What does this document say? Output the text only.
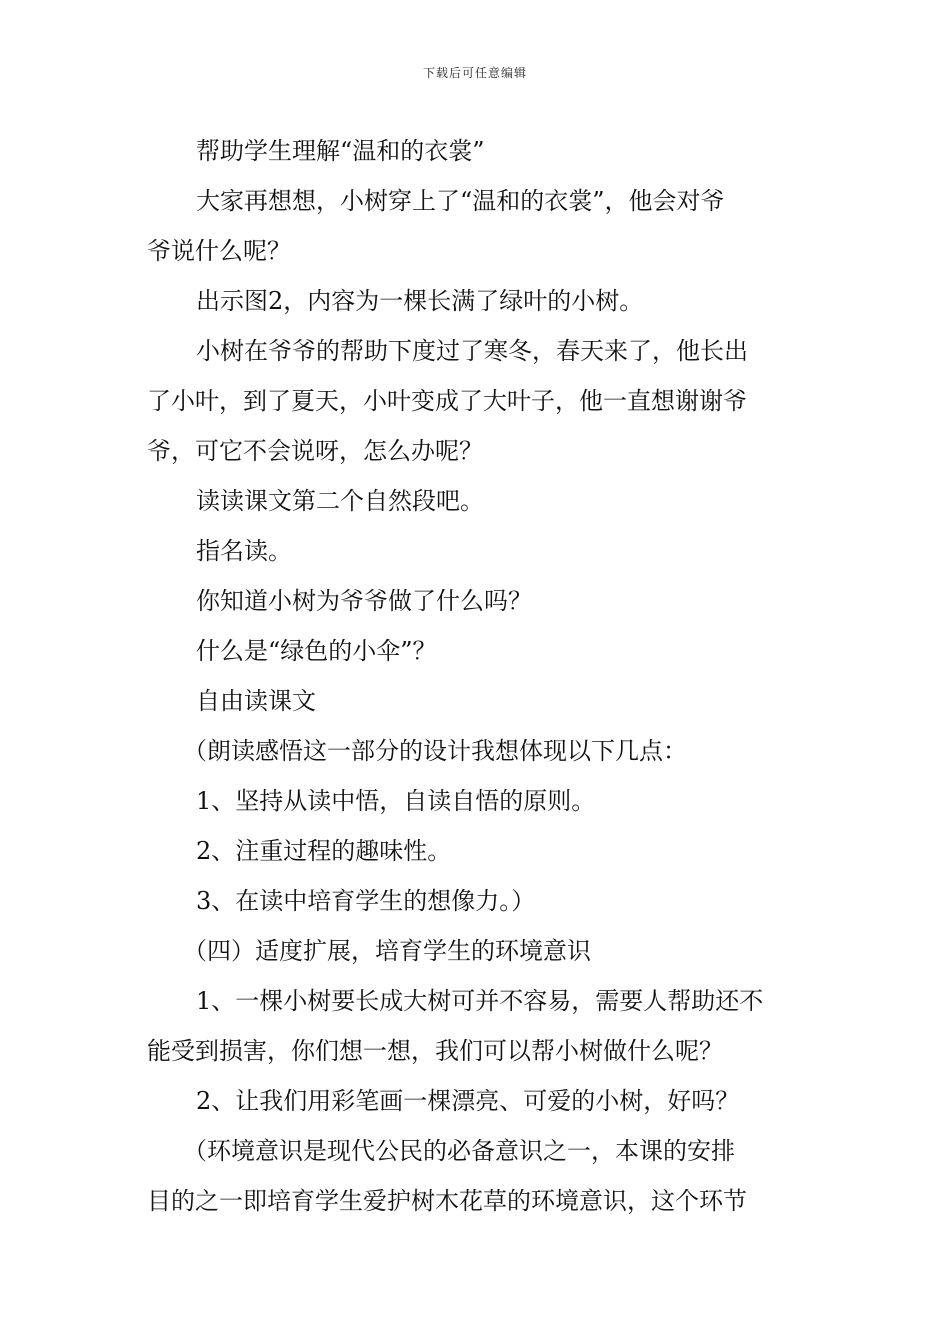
下载后可任意编辑

帮助学生理解“温和的衣裳”

大家再想想，小树穿上了“温和的衣裳”，他会对爷

爷说什么呢？

出示图2，内容为一棵长满了绿叶的小树。

小树在爷爷的帮助下度过了寒冬，春天来了，他长出

了小叶，到了夏天，小叶变成了大叶子，他一直想谢谢爷

爷，可它不会说呀，怎么办呢？

读读课文第二个自然段吧。

指名读。

你知道小树为爷爷做了什么吗？

什么是“绿色的小伞”？

自由读课文

（朗读感悟这一部分的设计我想体现以下几点：

1、坚持从读中悟，自读自悟的原则。

2、注重过程的趣味性。

3、在读中培育学生的想像力。）

（四）适度扩展，培育学生的环境意识

1、一棵小树要长成大树可并不容易，需要人帮助还不

能受到损害，你们想一想，我们可以帮小树做什么呢？

2、让我们用彩笔画一棵漂亮、可爱的小树，好吗？

（环境意识是现代公民的必备意识之一，本课的安排

目的之一即培育学生爱护树木花草的环境意识，这个环节
